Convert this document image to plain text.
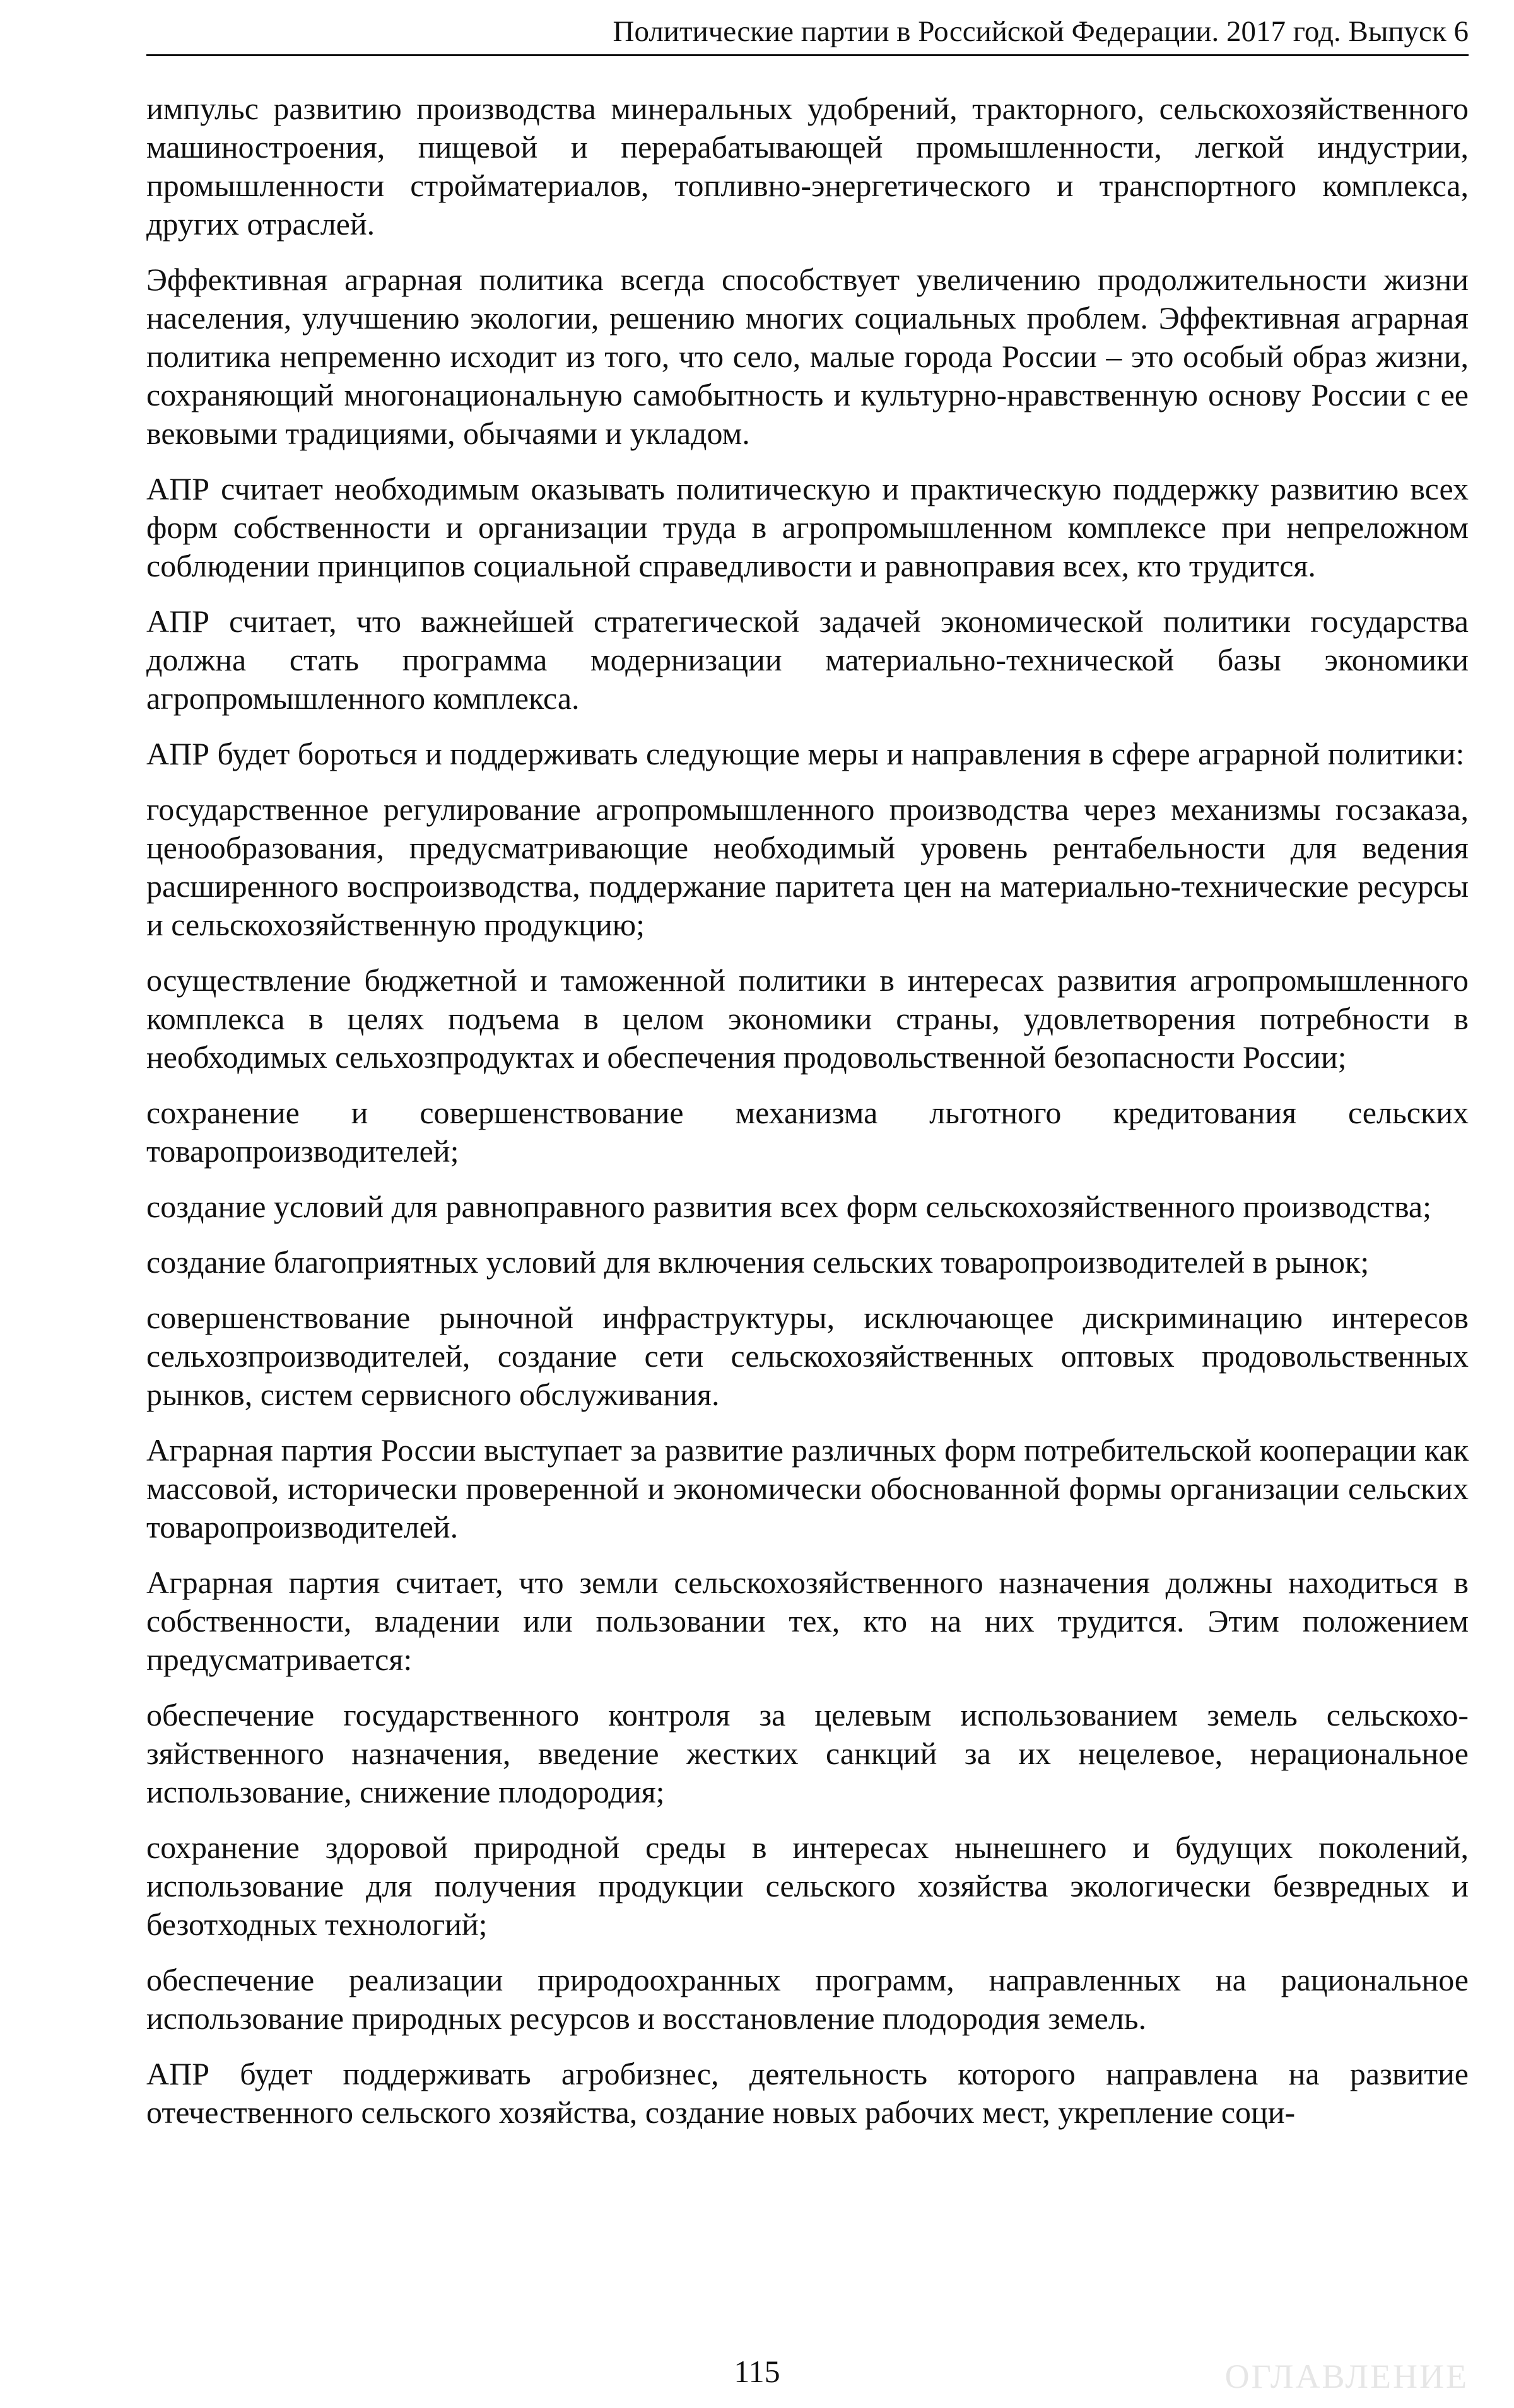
Политические партии в Российской Федерации. 2017 год. Выпуск 6

импульс развитию производства минеральных удобрений, тракторного, сельскохозяйственного машиностроения, пищевой и перерабатывающей промышленности, легкой индустрии, промышленности стройматериалов, топливно-энергетического и транспортного комплекса, других отраслей.

Эффективная аграрная политика всегда способствует увеличению продолжительности жизни населения, улучшению экологии, решению многих социальных проблем. Эффективная аграрная политика непременно исходит из того, что село, малые города России – это особый образ жизни, сохраняющий многонациональную самобытность и культурно-нравственную основу России с ее вековыми традициями, обычаями и укладом.

АПР считает необходимым оказывать политическую и практическую поддержку развитию всех форм собственности и организации труда в агропромышленном комплексе при непреложном соблюдении принципов социальной справедливости и равноправия всех, кто трудится.

АПР считает, что важнейшей стратегической задачей экономической политики государства должна стать программа модернизации материально-технической базы экономики агропромышленного комплекса.

АПР будет бороться и поддерживать следующие меры и направления в сфере аграрной политики:

государственное регулирование агропромышленного производства через механизмы госзаказа, ценообразования, предусматривающие необходимый уровень рентабельности для ведения расширенного воспроизводства, поддержание паритета цен на материально-технические ресурсы и сельскохозяйственную продукцию;

осуществление бюджетной и таможенной политики в интересах развития агропромышленного комплекса в целях подъема в целом экономики страны, удовлетворения потребности в необходимых сельхозпродуктах и обеспечения продовольственной безопасности России;

сохранение и совершенствование механизма льготного кредитования сельских товаропроизводителей;

создание условий для равноправного развития всех форм сельскохозяйственного производства;

создание благоприятных условий для включения сельских товаропроизводителей в рынок;

совершенствование рыночной инфраструктуры, исключающее дискриминацию интересов сельхозпроизводителей, создание сети сельскохозяйственных оптовых продовольственных рынков, систем сервисного обслуживания.

Аграрная партия России выступает за развитие различных форм потребительской кооперации как массовой, исторически проверенной и экономически обоснованной формы организации сельских товаропроизводителей.

Аграрная партия считает, что земли сельскохозяйственного назначения должны находиться в собственности, владении или пользовании тех, кто на них трудится. Этим положением предусматривается:

обеспечение государственного контроля за целевым использованием земель сельскохозяйственного назначения, введение жестких санкций за их нецелевое, нерациональное использование, снижение плодородия;

сохранение здоровой природной среды в интересах нынешнего и будущих поколений, использование для получения продукции сельского хозяйства экологически безвредных и безотходных технологий;

обеспечение реализации природоохранных программ, направленных на рациональное использование природных ресурсов и восстановление плодородия земель.

АПР будет поддерживать агробизнес, деятельность которого направлена на развитие отечественного сельского хозяйства, создание новых рабочих мест, укрепление соци-

115	ОГЛАВЛЕНИЕ
